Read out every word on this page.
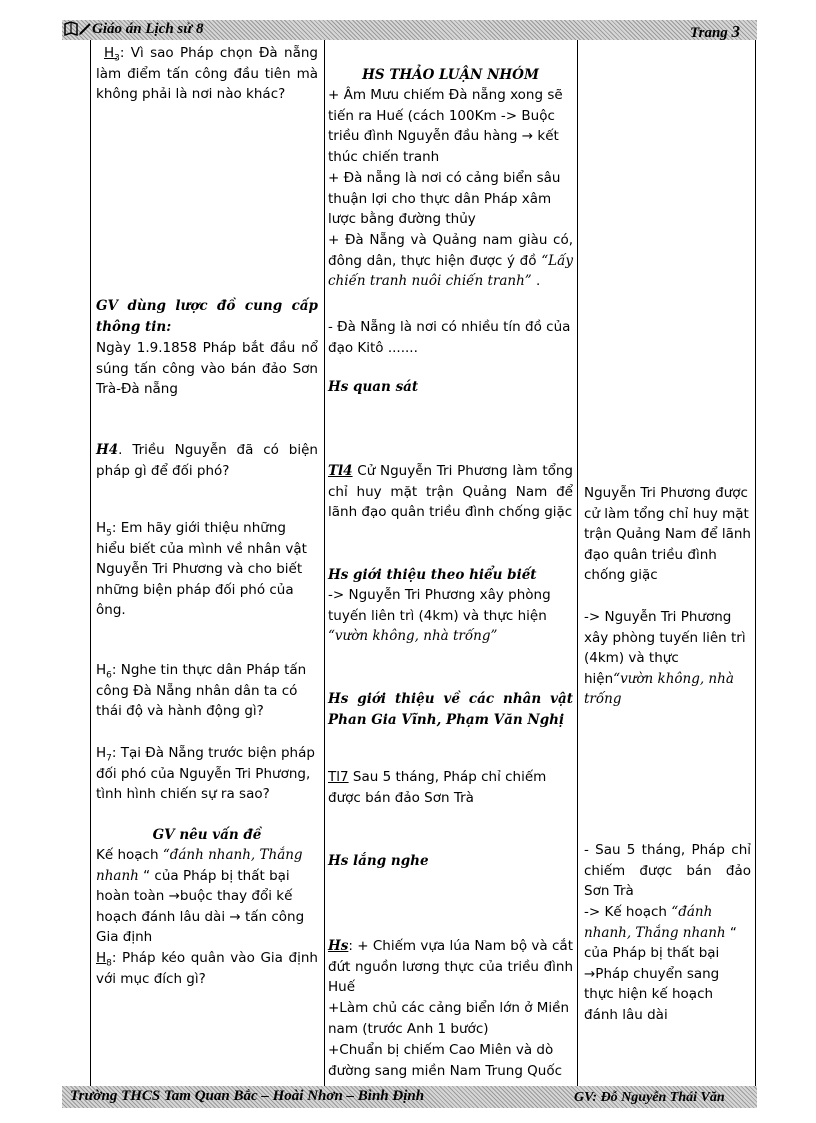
Giáo án Lịch sử 8	Trang 3
$H_3$: Vì sao Pháp chọn Đà nẵng làm điểm tấn công đầu tiên mà không phải là nơi nào khác?
GV dùng lược đồ cung cấp thông tin:
Ngày 1.9.1858 Pháp bắt đầu nổ súng tấn công vào bán đảo Sơn Trà-Đà nẵng
H4. Triều Nguyễn đã có biện pháp gì để đối phó?
$H_5$: Em hãy giới thiệu những hiểu biết của mình về nhân vật Nguyễn Tri Phương và cho biết những biện pháp đối phó của ông.
$H_6$: Nghe tin thực dân Pháp tấn công Đà Nẵng nhân dân ta có thái độ và hành động gì?
$H_7$: Tại Đà Nẵng trước biện pháp đối phó của Nguyễn Tri Phương, tình hình chiến sự ra sao?
GV nêu vấn đề
Kế hoạch “đánh nhanh, Thắng nhanh “ của Pháp bị thất bại hoàn toàn →buộc thay đổi kế hoạch đánh lâu dài → tấn công Gia định
$H_8$: Pháp kéo quân vào Gia định với mục đích gì?
HS THẢO LUẬN NHÓM
+ Âm Mưu chiếm Đà nẵng xong sẽ tiến ra Huế (cách 100Km -> Buộc triều đình Nguyễn đầu hàng → kết thúc chiến tranh
+ Đà nẵng là nơi có cảng biển sâu thuận lợi cho thực dân Pháp xâm lược bằng đường thủy
+ Đà Nẵng và Quảng nam giàu có, đông dân, thực hiện được ý đồ “Lấy chiến tranh nuôi chiến tranh” .
- Đà Nẵng là nơi có nhiều tín đồ của đạo Kitô .......
Hs quan sát
Tl4 Cử Nguyễn Tri Phương làm tổng chỉ huy mặt trận Quảng Nam để lãnh đạo quân triều đình chống giặc
Hs giới thiệu theo hiểu biết
-> Nguyễn Tri Phương xây phòng tuyến liên trì (4km) và thực hiện “vườn không, nhà trống”
Hs giới thiệu về các nhân vật Phan Gia Vĩnh, Phạm Văn Nghị
Tl7 Sau 5 tháng, Pháp chỉ chiếm được bán đảo Sơn Trà
Hs lắng nghe
Hs: + Chiếm vựa lúa Nam bộ và cắt đứt nguồn lương thực của triều đình Huế
+Làm chủ các cảng biển lớn ở Miền nam (trước Anh 1 bước)
+Chuẩn bị chiếm Cao Miên và dò đường sang miền Nam Trung Quốc
Nguyễn Tri Phương được cử làm tổng chỉ huy mặt trận Quảng Nam để lãnh đạo quân triều đình chống giặc
-> Nguyễn Tri Phương xây phòng tuyến liên trì (4km) và thực hiện“vườn không, nhà trống
- Sau 5 tháng, Pháp chỉ chiếm được bán đảo Sơn Trà
-> Kế hoạch “đánh nhanh, Thắng nhanh “ của Pháp bị thất bại →Pháp chuyển sang thực hiện kế hoạch đánh lâu dài
Trường THCS Tam Quan Bắc – Hoài Nhơn – Bình Định	GV: Đỗ Nguyễn Thái Văn
